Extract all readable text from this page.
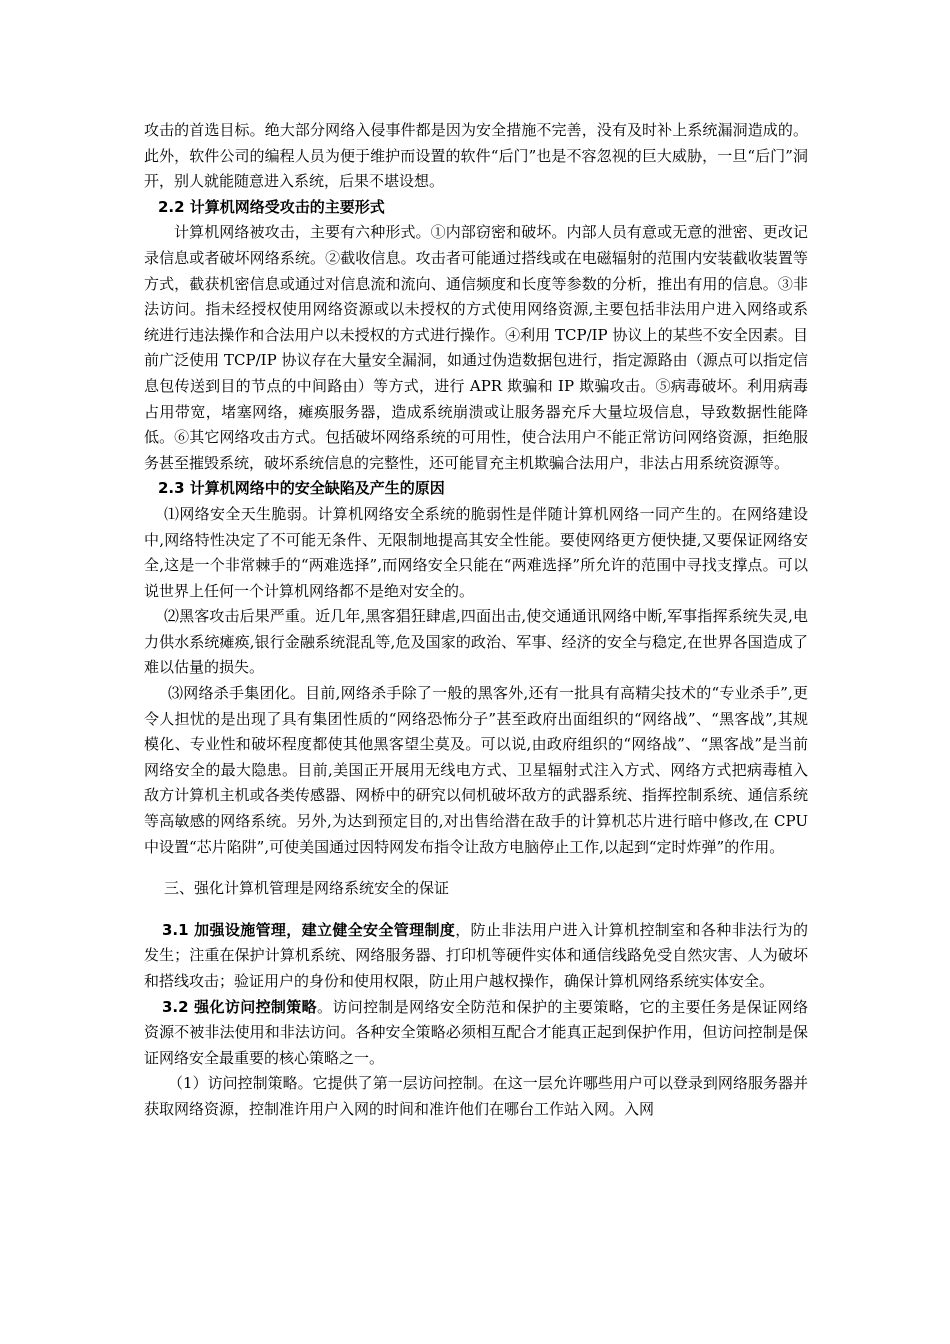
攻击的首选目标。绝大部分网络入侵事件都是因为安全措施不完善，没有及时补上系统漏洞造成的。此外，软件公司的编程人员为便于维护而设置的软件“后门”也是不容忽视的巨大威胁，一旦“后门”洞开，别人就能随意进入系统，后果不堪设想。

2.2 计算机网络受攻击的主要形式

计算机网络被攻击，主要有六种形式。①内部窃密和破坏。内部人员有意或无意的泄密、更改记录信息或者破坏网络系统。②截收信息。攻击者可能通过搭线或在电磁辐射的范围内安装截收装置等方式，截获机密信息或通过对信息流和流向、通信频度和长度等参数的分析，推出有用的信息。③非法访问。指未经授权使用网络资源或以未授权的方式使用网络资源,主要包括非法用户进入网络或系统进行违法操作和合法用户以未授权的方式进行操作。④利用 TCP/IP 协议上的某些不安全因素。目前广泛使用 TCP/IP 协议存在大量安全漏洞，如通过伪造数据包进行，指定源路由（源点可以指定信息包传送到目的节点的中间路由）等方式，进行 APR 欺骗和 IP 欺骗攻击。⑤病毒破坏。利用病毒占用带宽，堵塞网络，瘫痪服务器，造成系统崩溃或让服务器充斥大量垃圾信息，导致数据性能降低。⑥其它网络攻击方式。包括破坏网络系统的可用性，使合法用户不能正常访问网络资源，拒绝服务甚至摧毁系统，破坏系统信息的完整性，还可能冒充主机欺骗合法用户，非法占用系统资源等。

2.3 计算机网络中的安全缺陷及产生的原因

⑴网络安全天生脆弱。计算机网络安全系统的脆弱性是伴随计算机网络一同产生的。在网络建设中,网络特性决定了不可能无条件、无限制地提高其安全性能。要使网络更方便快捷,又要保证网络安全,这是一个非常棘手的“两难选择”,而网络安全只能在“两难选择”所允许的范围中寻找支撑点。可以说世界上任何一个计算机网络都不是绝对安全的。

⑵黑客攻击后果严重。近几年,黑客猖狂肆虐,四面出击,使交通通讯网络中断,军事指挥系统失灵,电力供水系统瘫痪,银行金融系统混乱等,危及国家的政治、军事、经济的安全与稳定,在世界各国造成了难以估量的损失。

⑶网络杀手集团化。目前,网络杀手除了一般的黑客外,还有一批具有高精尖技术的“专业杀手”,更令人担忧的是出现了具有集团性质的“网络恐怖分子”甚至政府出面组织的“网络战”、“黑客战”,其规模化、专业性和破坏程度都使其他黑客望尘莫及。可以说,由政府组织的“网络战”、“黑客战”是当前网络安全的最大隐患。目前,美国正开展用无线电方式、卫星辐射式注入方式、网络方式把病毒植入敌方计算机主机或各类传感器、网桥中的研究以伺机破坏敌方的武器系统、指挥控制系统、通信系统等高敏感的网络系统。另外,为达到预定目的,对出售给潜在敌手的计算机芯片进行暗中修改,在 CPU 中设置“芯片陷阱”,可使美国通过因特网发布指令让敌方电脑停止工作,以起到“定时炸弹”的作用。

三、强化计算机管理是网络系统安全的保证

3.1 加强设施管理，建立健全安全管理制度，防止非法用户进入计算机控制室和各种非法行为的发生；注重在保护计算机系统、网络服务器、打印机等硬件实体和通信线路免受自然灾害、人为破坏和搭线攻击；验证用户的身份和使用权限，防止用户越权操作，确保计算机网络系统实体安全。

3.2 强化访问控制策略。访问控制是网络安全防范和保护的主要策略，它的主要任务是保证网络资源不被非法使用和非法访问。各种安全策略必须相互配合才能真正起到保护作用，但访问控制是保证网络安全最重要的核心策略之一。

（1）访问控制策略。它提供了第一层访问控制。在这一层允许哪些用户可以登录到网络服务器并获取网络资源，控制准许用户入网的时间和准许他们在哪台工作站入网。入网
